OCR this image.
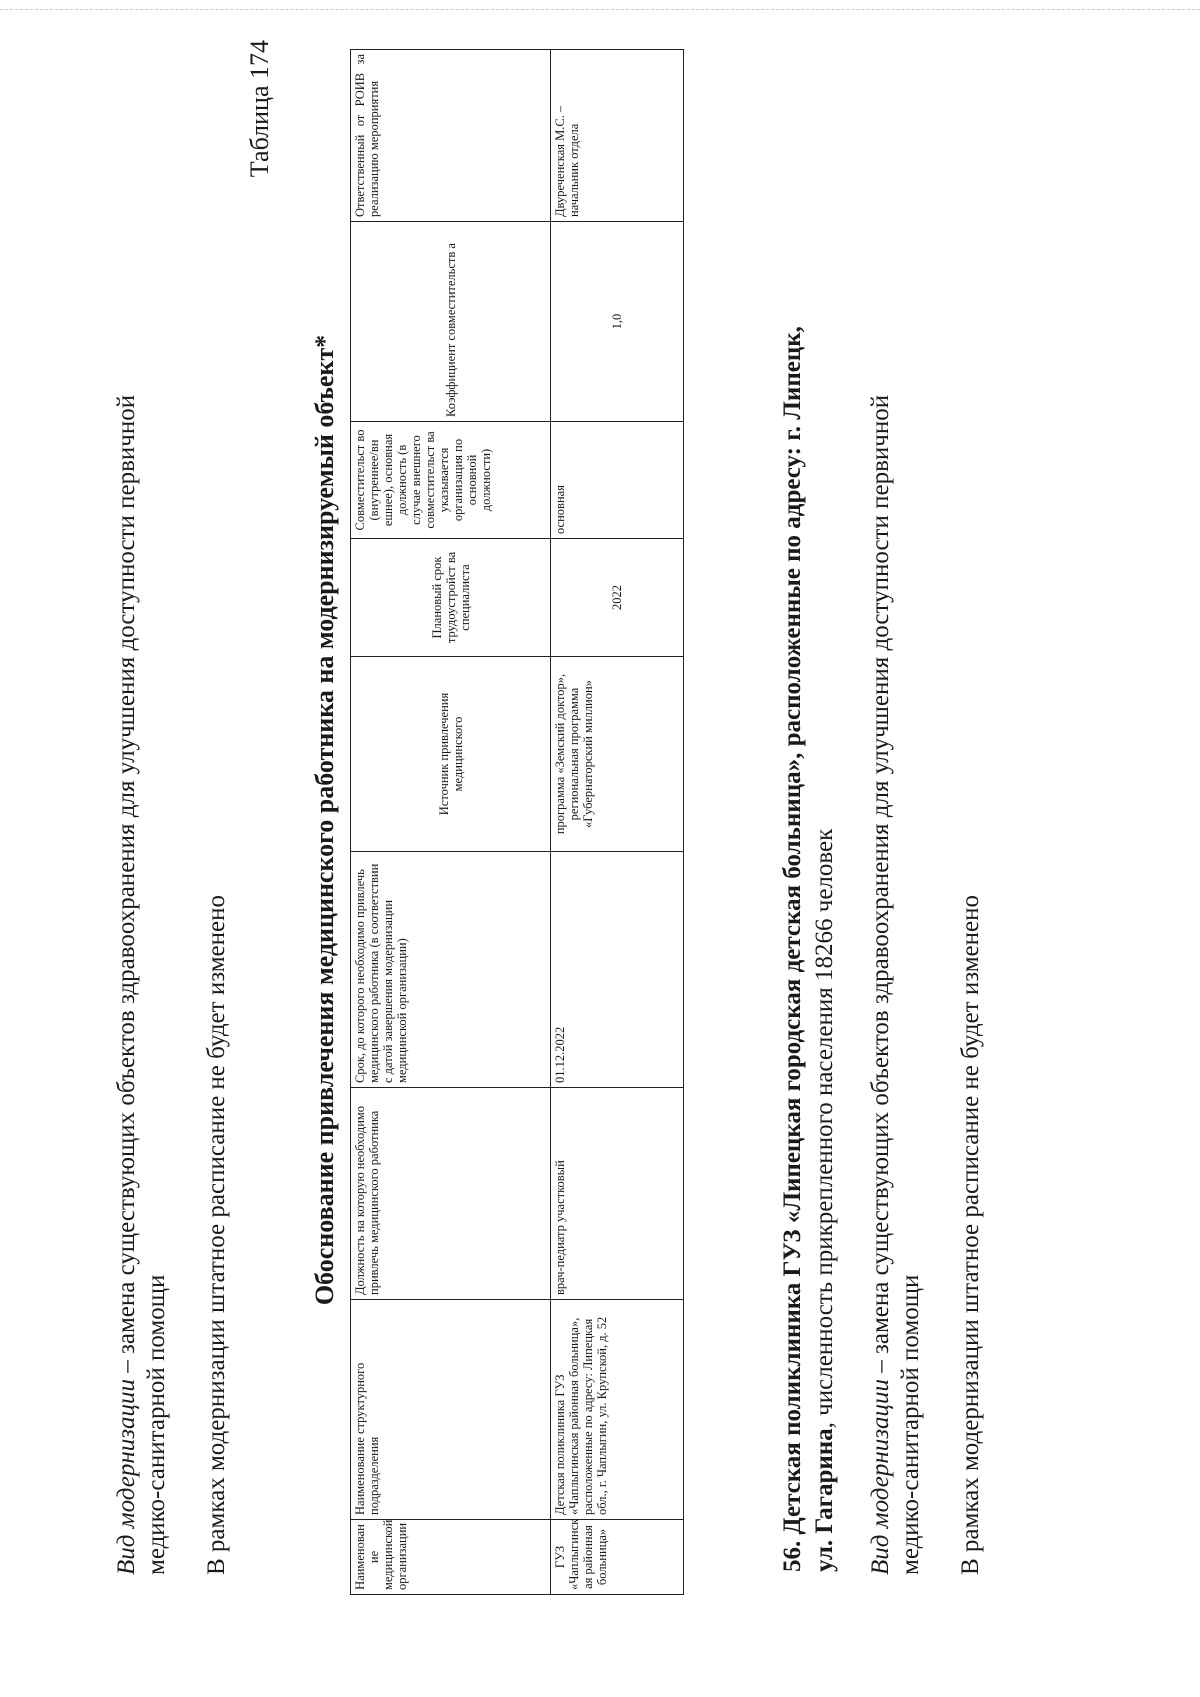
Вид модернизации – замена существующих объектов здравоохранения для улучшения доступности первичной
медико-санитарной помощи В рамках модернизации штатное расписание не будет изменено
Таблица 174
Обоснование привлечения медицинского работника на модернизируемый объект*
Наименован ие медицинской организации	Наименование структурного подразделения	Должность на которую необходимо привлечь медицинского работника	Срок, до которого необходимо привлечь медицинского работника (в соответствии с датой завершения модернизации медицинской организации)	Источник привлечения медицинского	Плановый срок трудоустройст ва специалиста	Совместительст во (внутреннее/вн ешнее), основная должность (в случае внешнего совместительст ва указывается организация по основной должности)	Коэффициент совместительств а	Ответственный от РОИВ за реализацию мероприятия
ГУЗ «Чаплыгинск ая районная больница»	Детская поликлиника ГУЗ «Чаплыгинская районная больница», расположенные по адресу: Липецкая обл., г. Чаплыгин, ул. Крупской, д. 52	врач-педиатр участковый	01.12.2022	программа «Земский доктор», региональная программа «Губернаторский миллион»	2022	основная	1,0	Двуреченская М.С. – начальник отдела
56. Детская поликлиника ГУЗ «Липецкая городская детская больница», расположенные по адресу: г. Липецк, ул. Гагарина, численность прикрепленного населения 18266 человек
Вид модернизации – замена существующих объектов здравоохранения для улучшения доступности первичной
медико-санитарной помощи В рамках модернизации штатное расписание не будет изменено
